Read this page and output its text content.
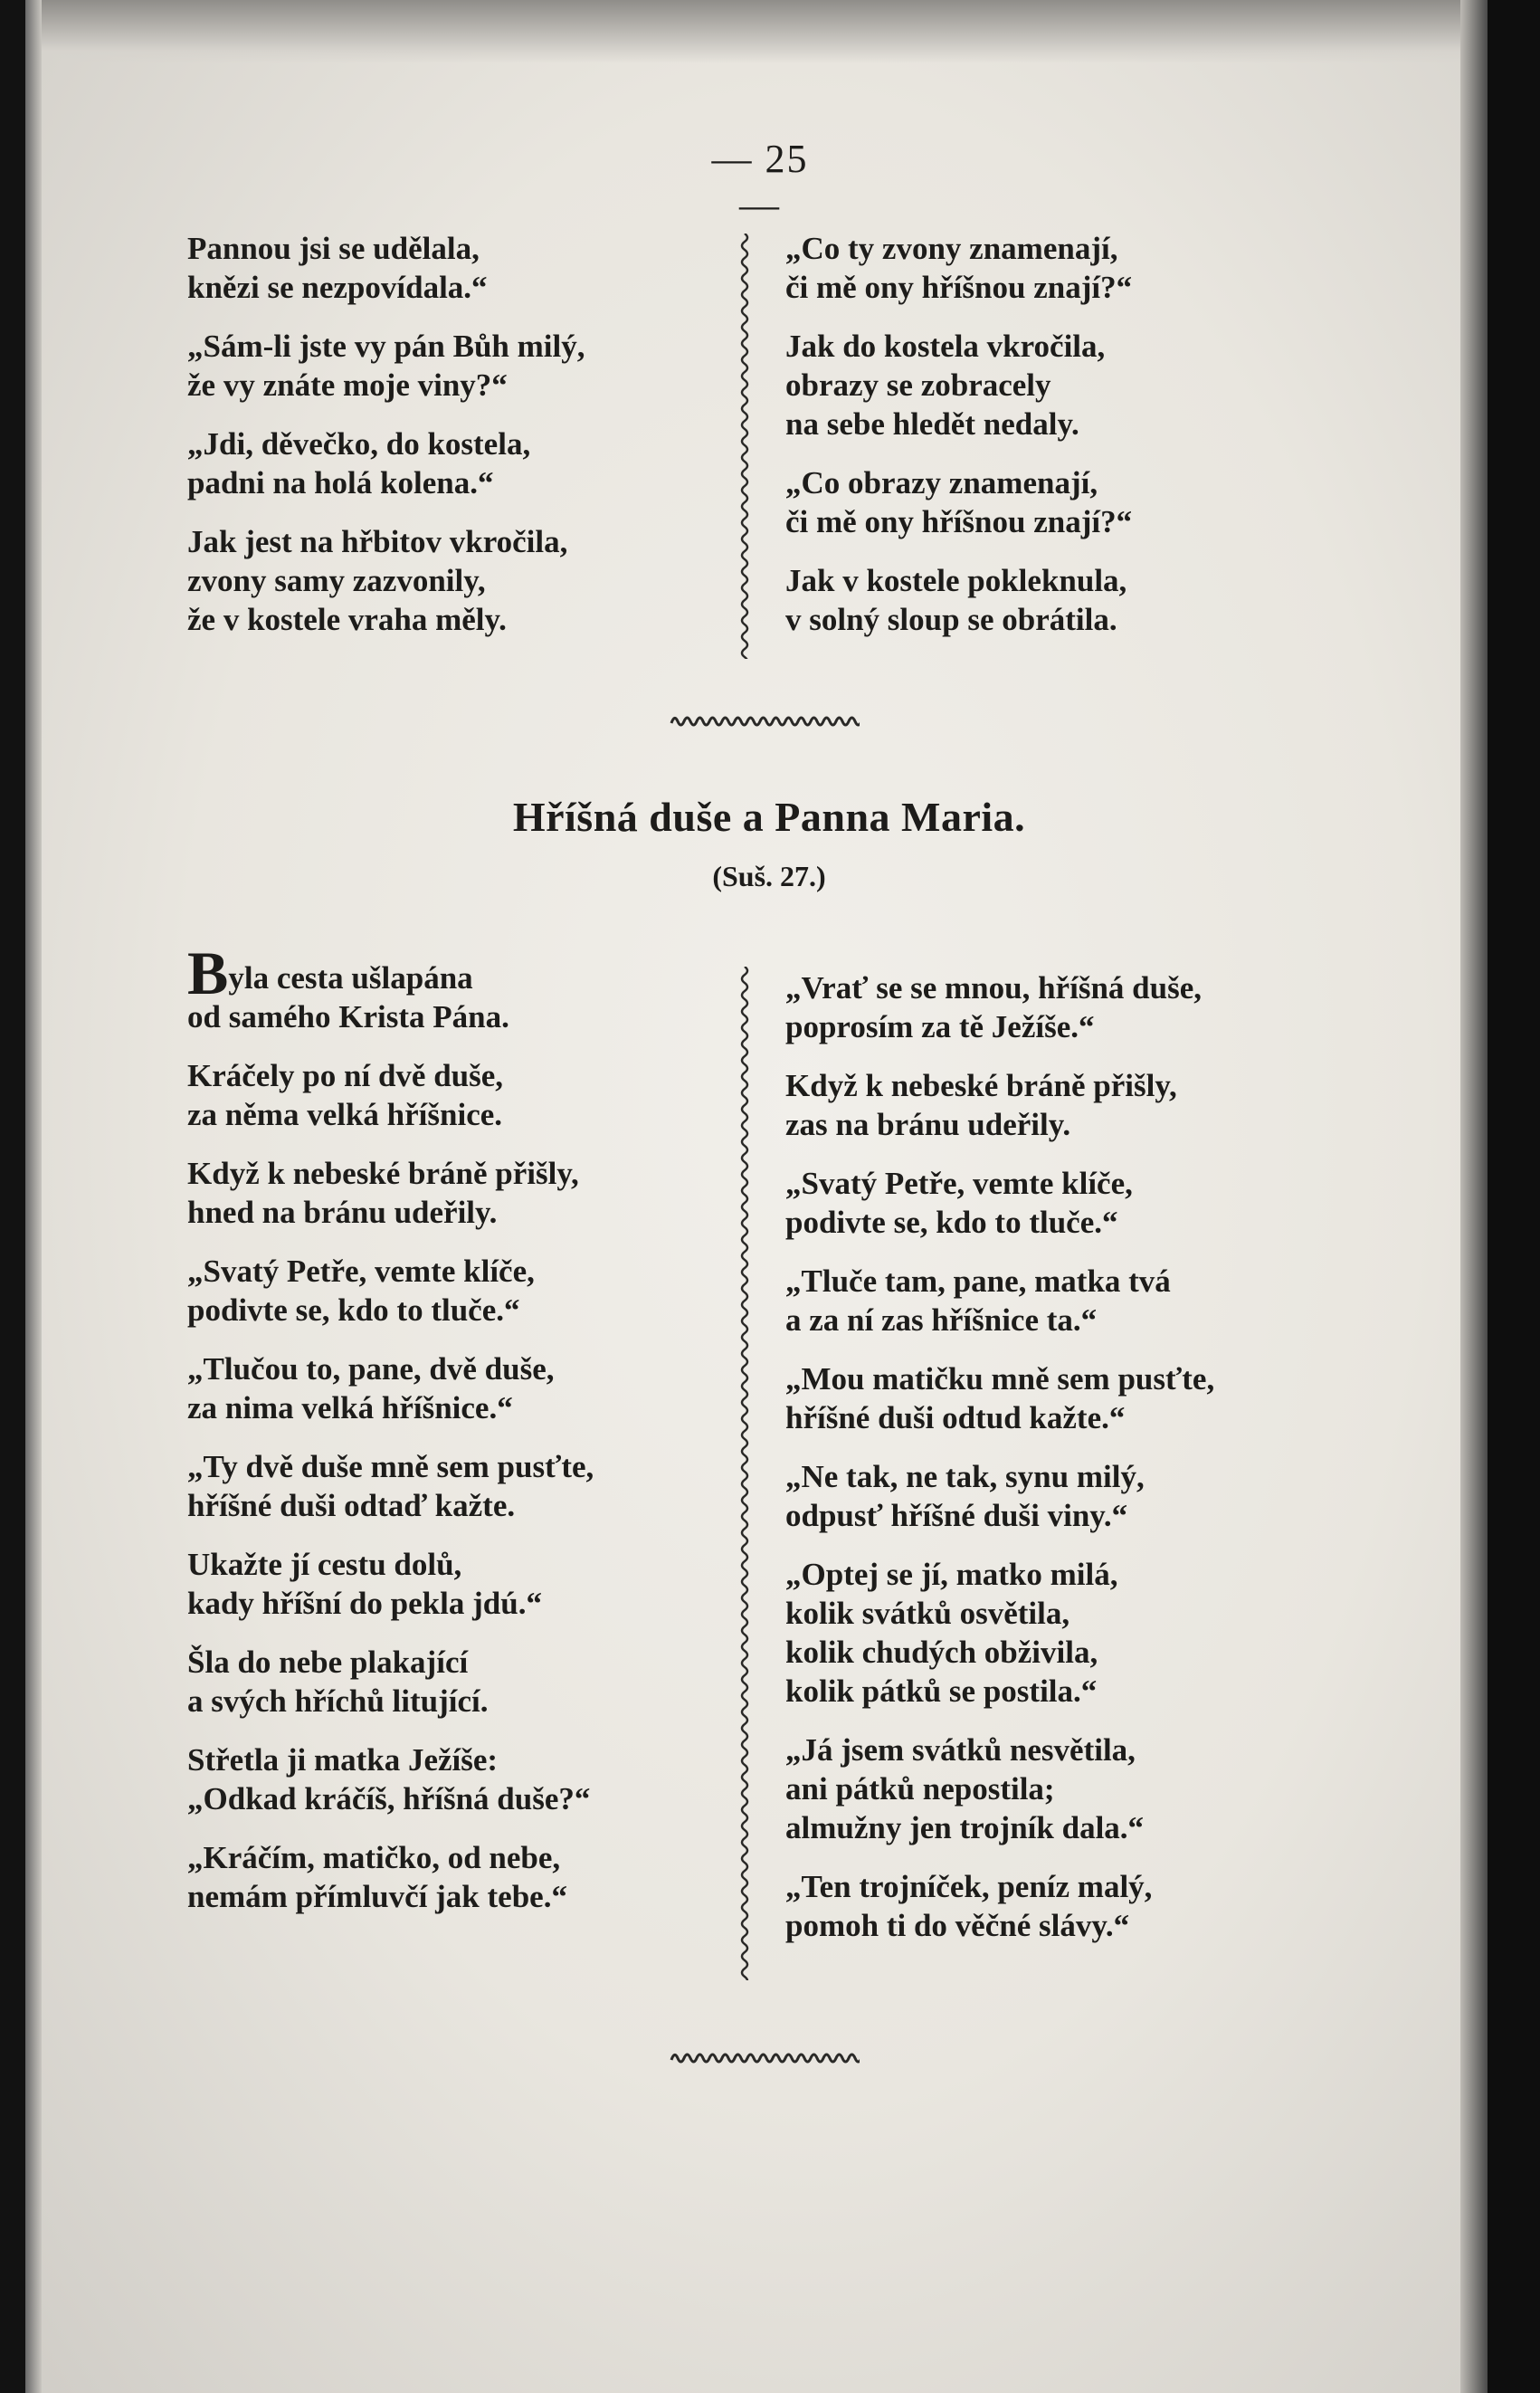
— 25 —
Pannou jsi se udělala,
knězi se nezpovídala.“
„Sám-li jste vy pán Bůh milý,
že vy znáte moje viny?“
„Jdi, děvečko, do kostela,
padni na holá kolena.“
Jak jest na hřbitov vkročila,
zvony samy zazvonily,
že v kostele vraha měly.
„Co ty zvony znamenají,
či mě ony hříšnou znají?“
Jak do kostela vkročila,
obrazy se zobracely
na sebe hledět nedaly.
„Co obrazy znamenají,
či mě ony hříšnou znají?“
Jak v kostele pokleknula,
v solný sloup se obrátila.
Hříšná duše a Panna Maria.
(Suš. 27.)
Byla cesta ušlapána
od samého Krista Pána.
Kráčely po ní dvě duše,
za něma velká hříšnice.
Když k nebeské bráně přišly,
hned na bránu udeřily.
„Svatý Petře, vemte klíče,
podivte se, kdo to tluče.“
„Tlučou to, pane, dvě duše,
za nima velká hříšnice.“
„Ty dvě duše mně sem pusťte,
hříšné duši odtaď kažte.
Ukažte jí cestu dolů,
kady hříšní do pekla jdú.“
Šla do nebe plakající
a svých hříchů litující.
Střetla ji matka Ježíše:
„Odkad kráčíš, hříšná duše?“
„Kráčím, matičko, od nebe,
nemám přímluvčí jak tebe.“
„Vrať se se mnou, hříšná duše,
poprosím za tě Ježíše.“
Když k nebeské bráně přišly,
zas na bránu udeřily.
„Svatý Petře, vemte klíče,
podivte se, kdo to tluče.“
„Tluče tam, pane, matka tvá
a za ní zas hříšnice ta.“
„Mou matičku mně sem pusťte,
hříšné duši odtud kažte.“
„Ne tak, ne tak, synu milý,
odpusť hříšné duši viny.“
„Optej se jí, matko milá,
kolik svátků osvětila,
kolik chudých obživila,
kolik pátků se postila.“
„Já jsem svátků nesvětila,
ani pátků nepostila;
almužny jen trojník dala.“
„Ten trojníček, peníz malý,
pomoh ti do věčné slávy.“
